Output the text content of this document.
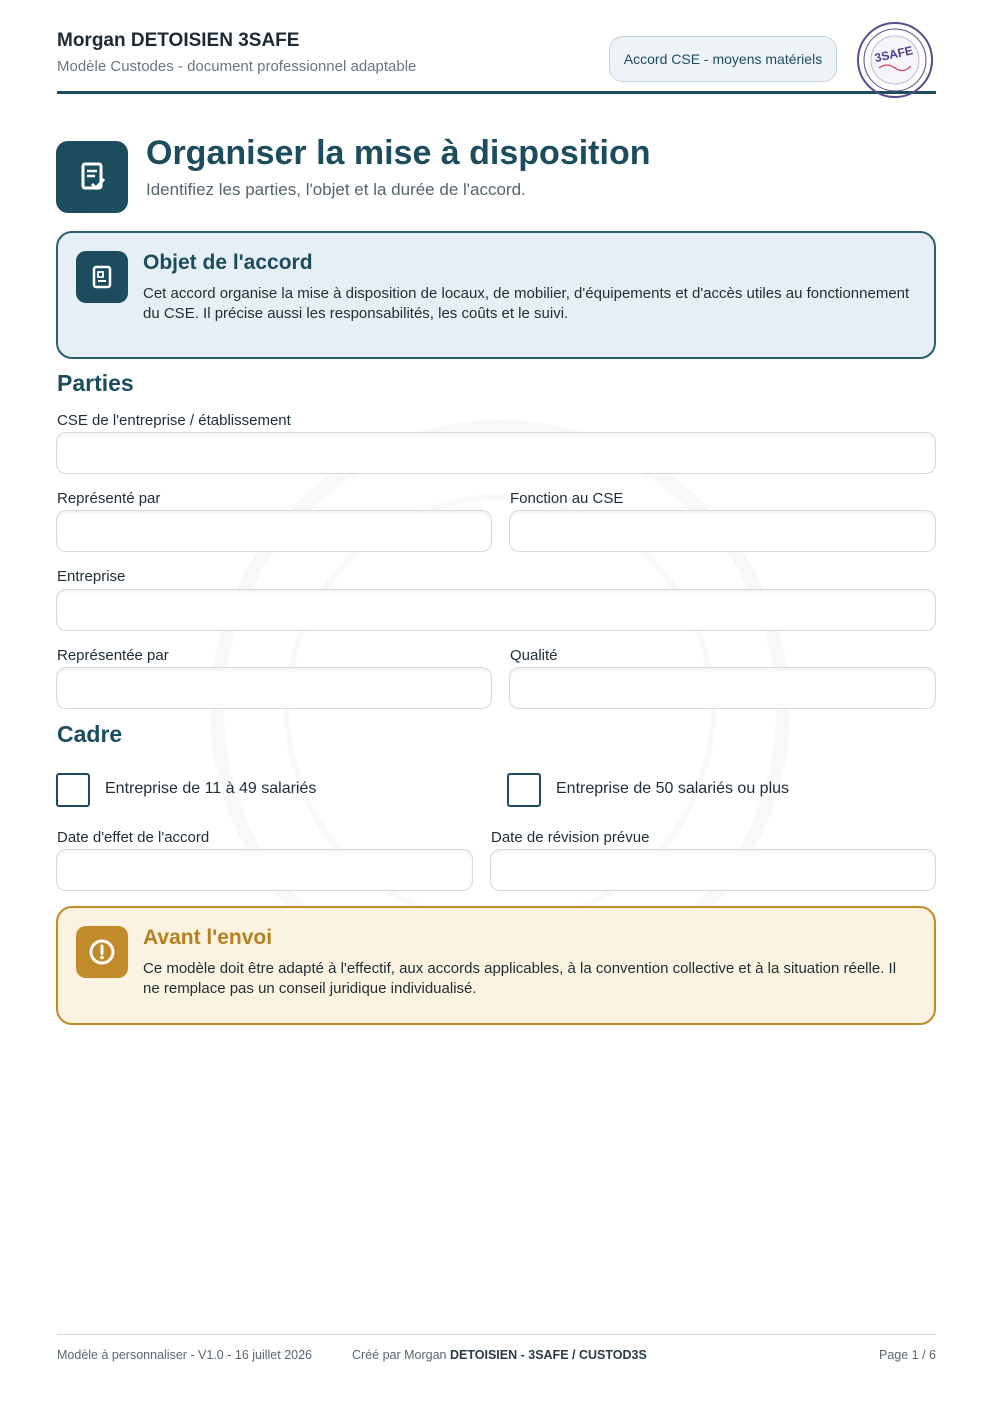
Morgan DETOISIEN 3SAFE
Modèle Custodes - document professionnel adaptable	Accord CSE - moyens matériels	3SAFE
Organiser la mise à disposition
Identifiez les parties, l'objet et la durée de l'accord.
Objet de l'accord
Cet accord organise la mise à disposition de locaux, de mobilier, d'équipements et d'accès utiles au fonctionnement du CSE. Il précise aussi les responsabilités, les coûts et le suivi.
Parties
CSE de l'entreprise / établissement
Représenté par	Fonction au CSE
Entreprise
Représentée par	Qualité
Cadre
Entreprise de 11 à 49 salariés	Entreprise de 50 salariés ou plus
Date d'effet de l'accord	Date de révision prévue
Avant l'envoi
Ce modèle doit être adapté à l'effectif, aux accords applicables, à la convention collective et à la situation réelle. Il ne remplace pas un conseil juridique individualisé.
Modèle à personnaliser - V1.0 - 16 juillet 2026	Créé par Morgan DETOISIEN - 3SAFE / CUSTOD3S	Page 1 / 6
